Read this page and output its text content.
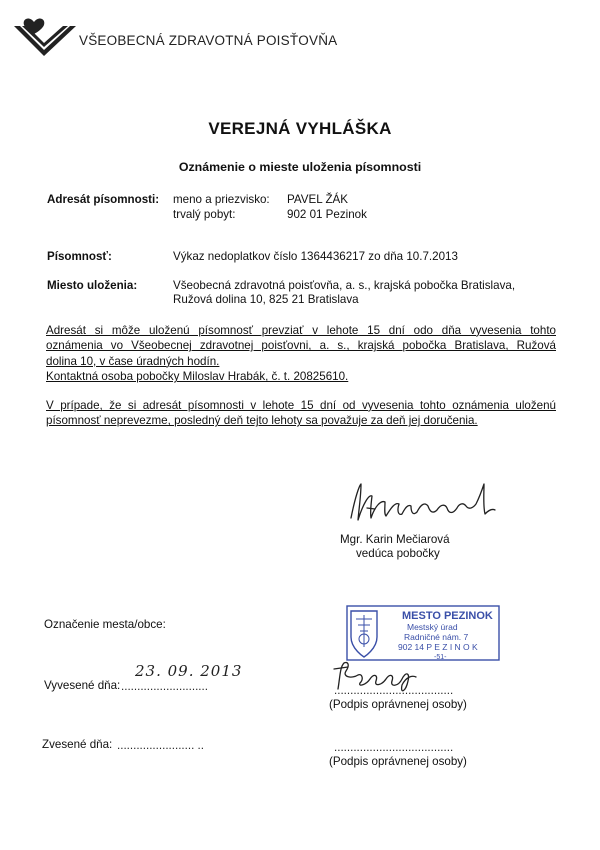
VŠEOBECNÁ ZDRAVOTNÁ POISŤOVŇA
VEREJNÁ VYHLÁŠKA
Oznámenie o mieste uloženia písomnosti
Adresát písomnosti: meno a priezvisko: PAVEL ŽÁK
trvalý pobyt:	902 01 Pezinok
Písomnosť:	Výkaz nedoplatkov číslo 1364436217 zo dňa 10.7.2013
Miesto uloženia:	Všeobecná zdravotná poisťovňa, a. s., krajská pobočka Bratislava,
Ružová dolina 10, 825 21 Bratislava
Adresát si môže uloženú písomnosť prevziať v lehote 15 dní odo dňa vyvesenia tohto
oznámenia vo Všeobecnej zdravotnej poisťovni, a. s., krajská pobočka Bratislava, Ružová
dolina 10, v čase úradných hodín.
Kontaktná osoba pobočky Miloslav Hrabák, č. t. 20825610.
V prípade, že si adresát písomnosti v lehote 15 dní od vyvesenia tohto oznámenia uloženú
písomnosť neprevezme, posledný deň tejto lehoty sa považuje za deň jej doručenia.
Mgr. Karin Mečiarová
vedúca pobočky
Označenie mesta/obce:
MESTO PEZINOK
Mestský úrad
Radničné nám. 7
902 14 P E Z I N O K
-51-
Vyvesené dňa: ...........................
23. 09. 2013
.....................................
(Podpis oprávnenej osoby)
Zvesené dňa: ........................ ..	.....................................
(Podpis oprávnenej osoby)
